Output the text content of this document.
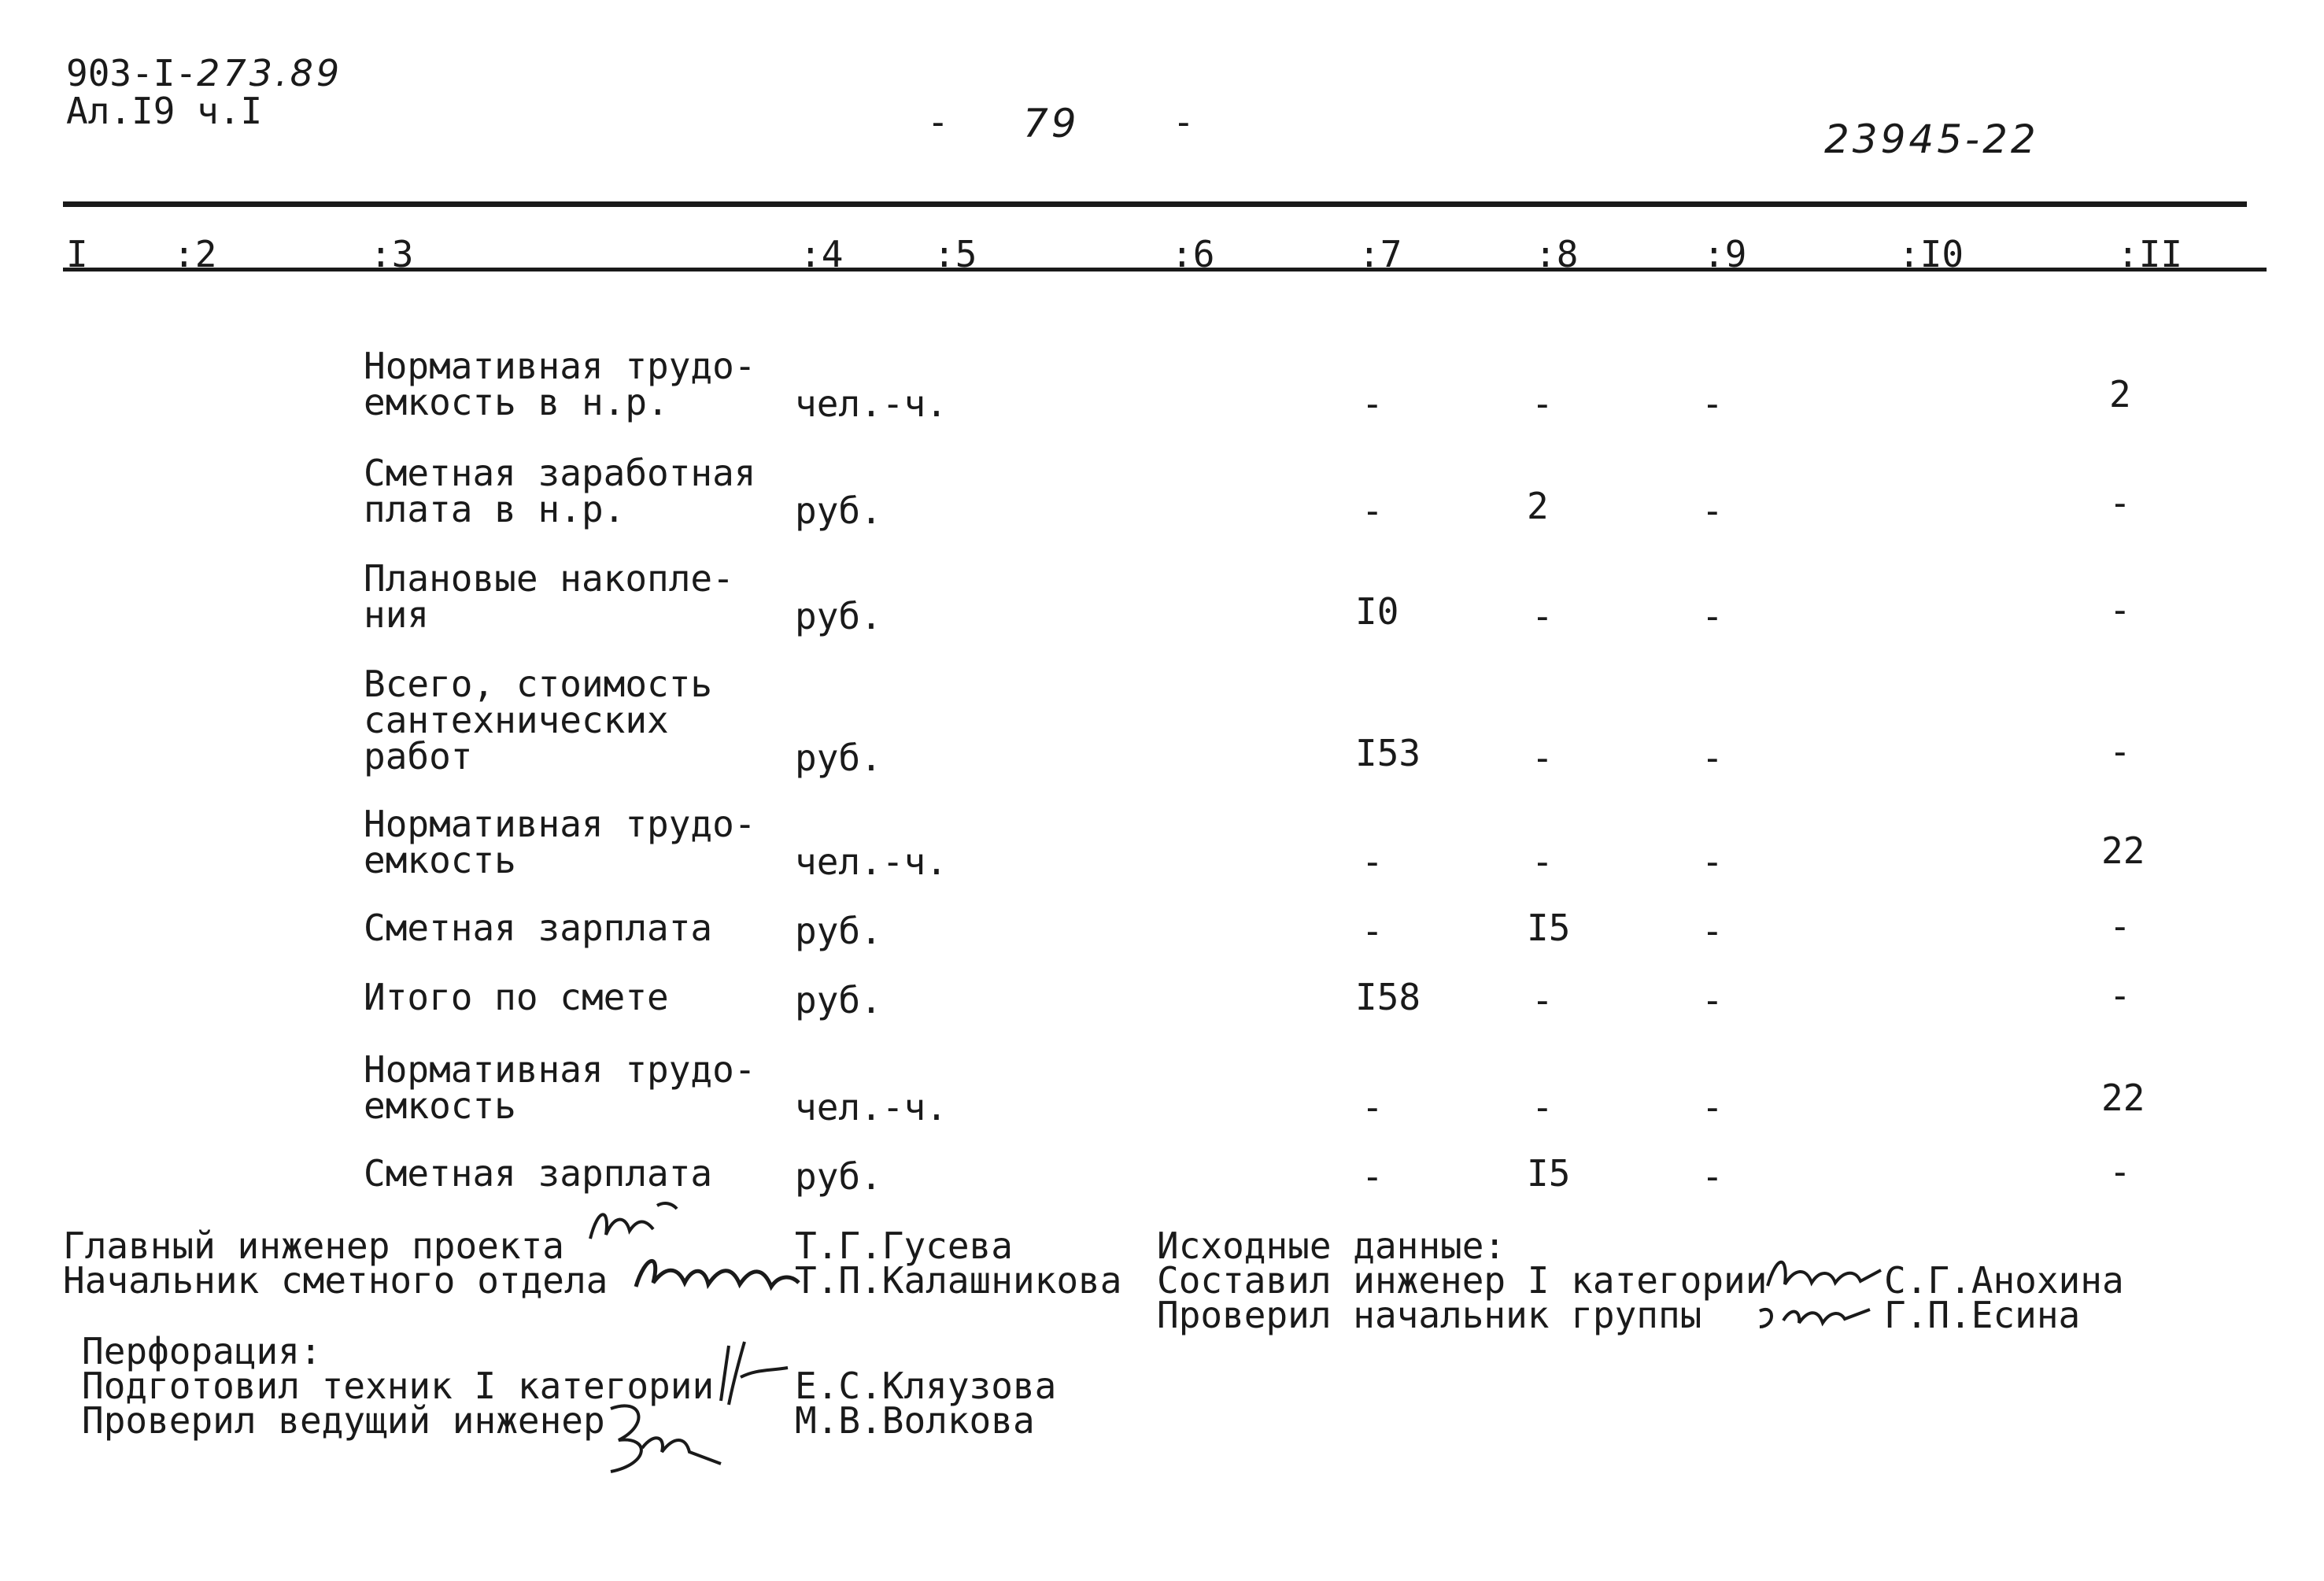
903-I-273.89
Ал.I9 ч.I	- 79	-	23945-22
I :2	:3	:4 :5	:6	:7	:8	:9	:I0	:II
Нормативная трудо-
емкость в н.р.	чел.-ч.	-	-	-	2
Сметная заработная
плата в н.р.	руб.	-	2	-	-
Плановые накопле-
ния	руб.	I0	-	-	-
Всего, стоимость
сантехнических
работ	руб.	I53	-	-	-
Нормативная трудо-
емкость	чел.-ч.	-	-	-	22
Сметная зарплата руб.	-	I5	-	-
Итого по смете	руб.	I58	-	-	-
Нормативная трудо-
емкость	чел.-ч.	-	-	-	22
Сметная зарплата руб.	-	I5	-	-
Главный инженер проекта	Т.Г.Гусева
Начальник сметного отдела	Т.П.Калашникова
Исходные данные:
Составил инженер I категории	С.Г.Анохина
Проверил начальник группы	Г.П.Есина
Перфорация:
Подготовил техник I категории Е.С.Кляузова
Проверил ведущий инженер	М.В.Волкова
